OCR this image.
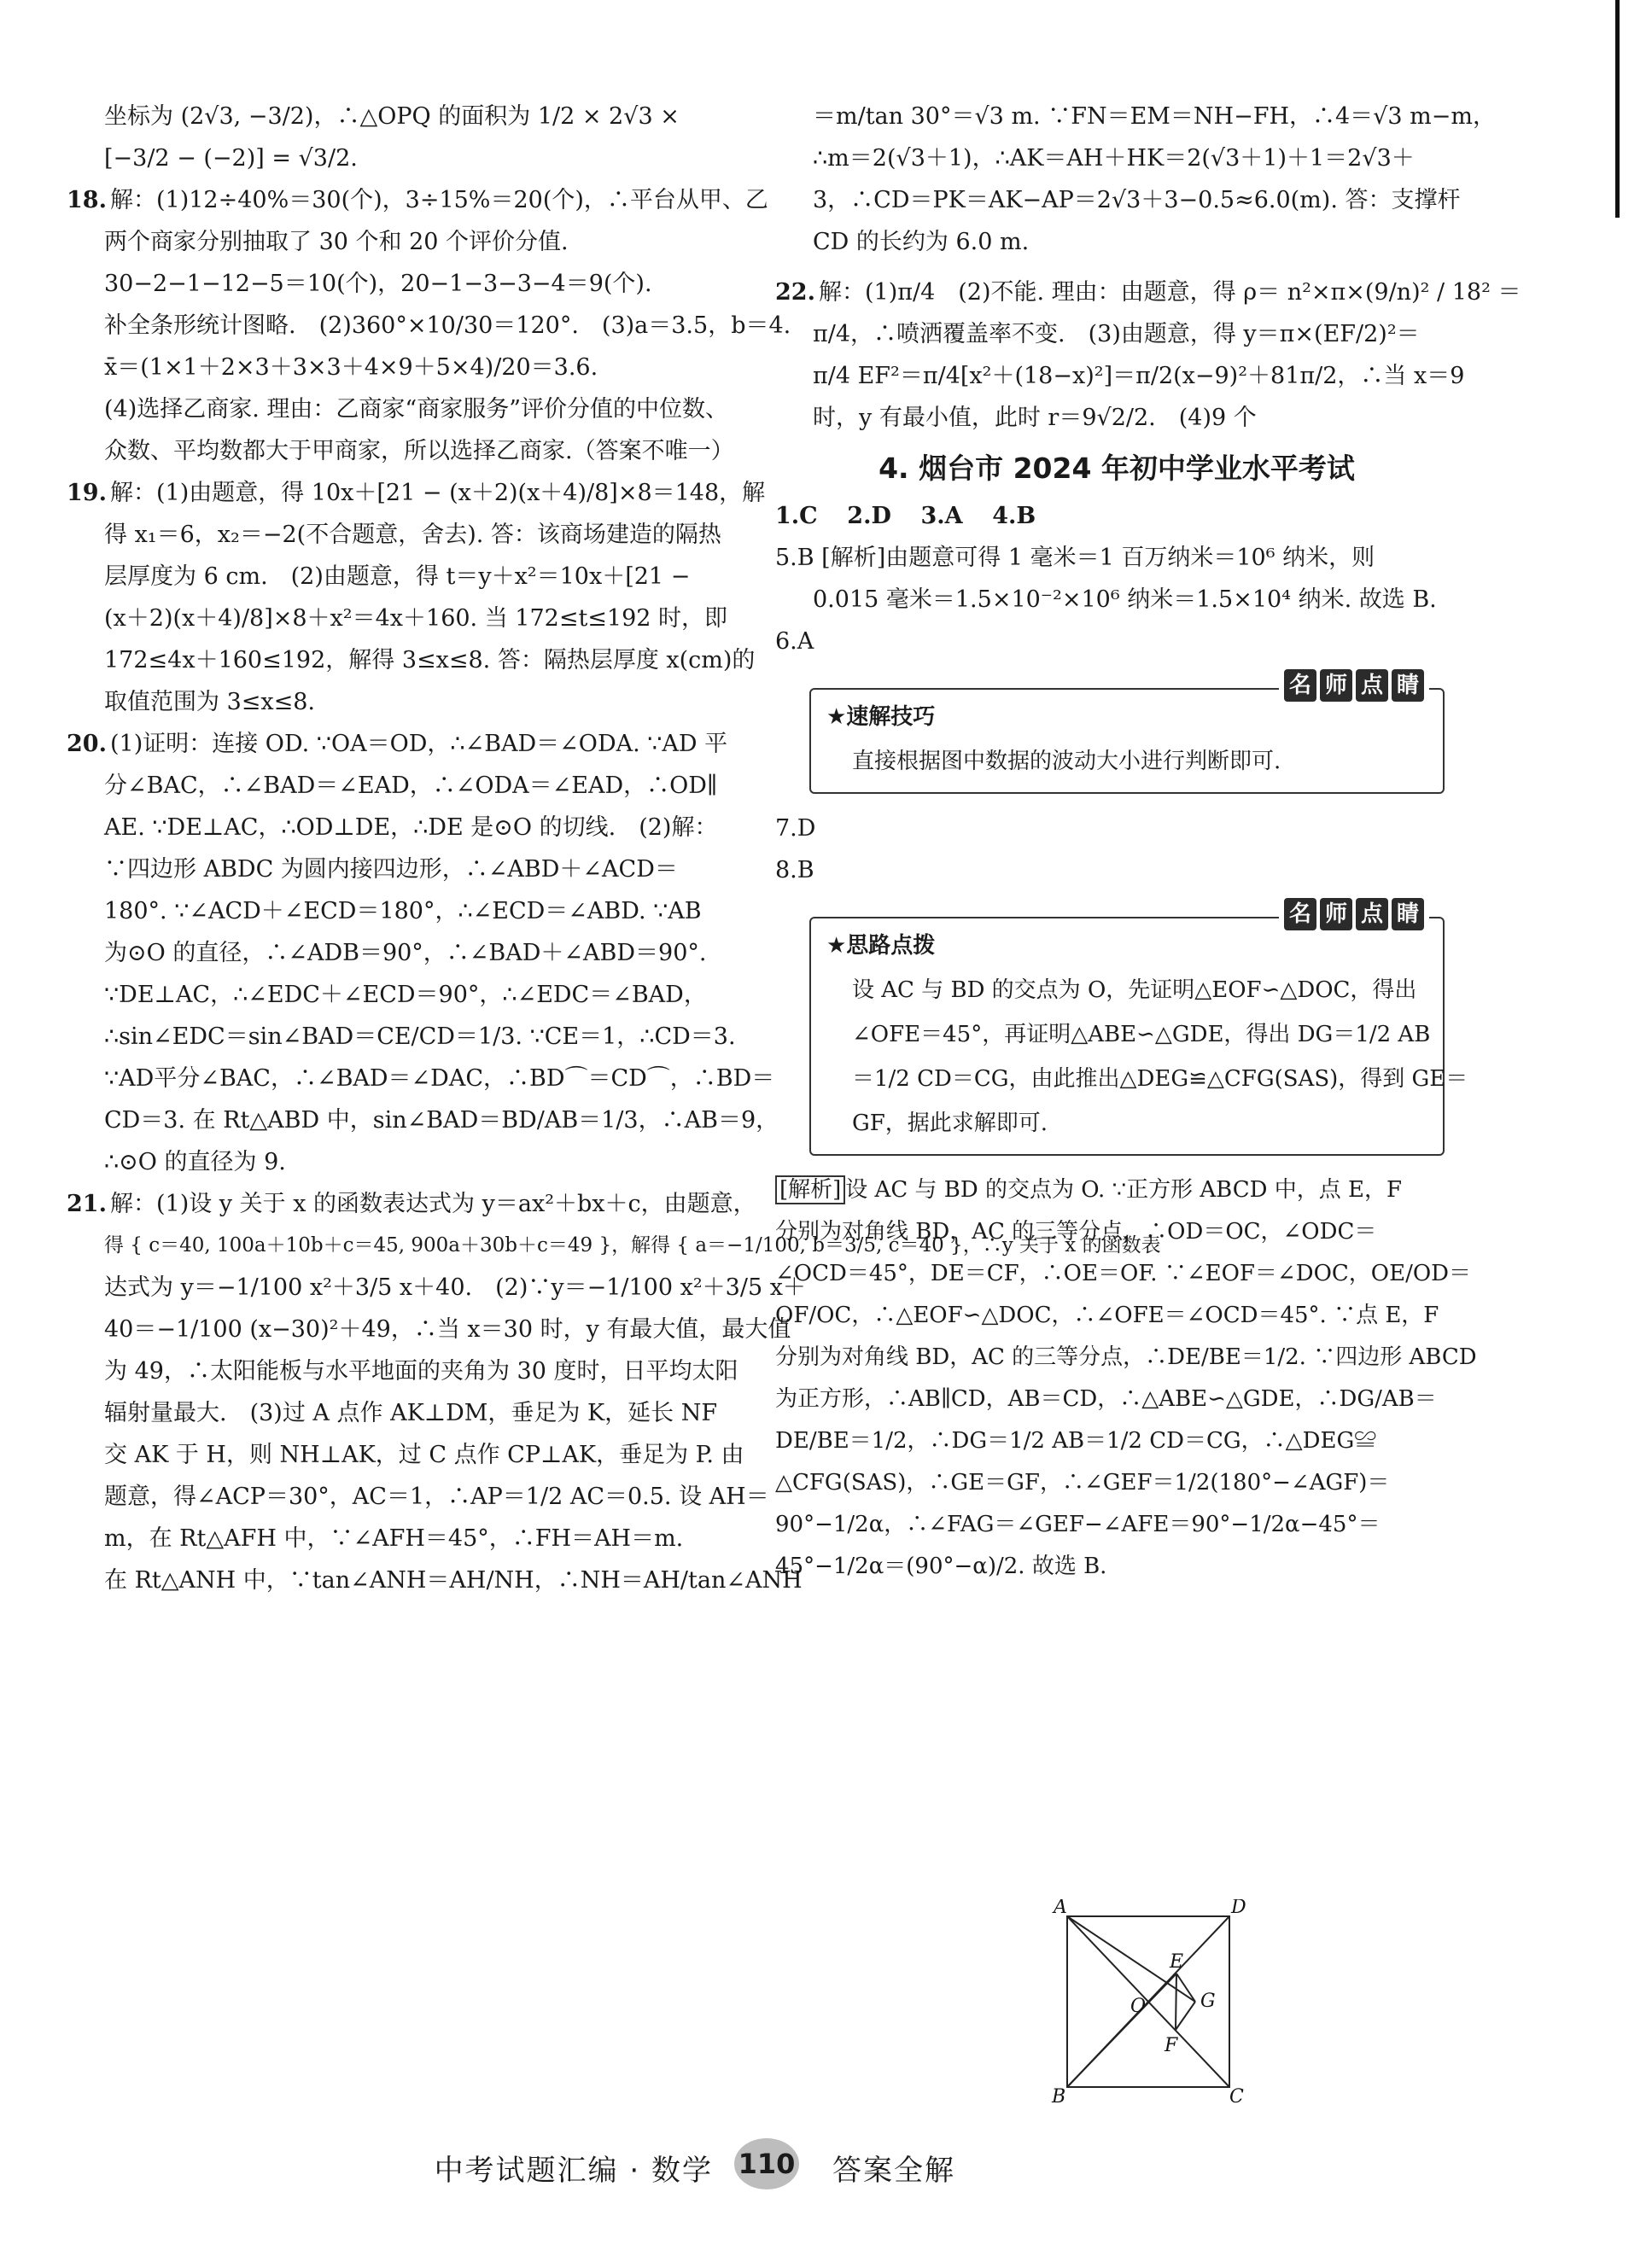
坐标为 (2√3, −3/2)，∴△OPQ 的面积为 1/2 × 2√3 ×
[−3/2 − (−2)] = √3/2.
18. 解：(1)12÷40%＝30(个)，3÷15%＝20(个)，∴平台从甲、乙
两个商家分别抽取了 30 个和 20 个评价分值.
30−2−1−12−5＝10(个)，20−1−3−3−4＝9(个).
补全条形统计图略.　(2)360°×10/30＝120°.　(3)a＝3.5，b＝4.
x̄＝(1×1＋2×3＋3×3＋4×9＋5×4)/20＝3.6.
(4)选择乙商家. 理由：乙商家“商家服务”评价分值的中位数、
众数、平均数都大于甲商家，所以选择乙商家.（答案不唯一）
19. 解：(1)由题意，得 10x＋[21 − (x＋2)(x＋4)/8]×8＝148，解
得 x₁＝6，x₂＝−2(不合题意，舍去). 答：该商场建造的隔热
层厚度为 6 cm.　(2)由题意，得 t＝y＋x²＝10x＋[21 −
(x＋2)(x＋4)/8]×8＋x²＝4x＋160. 当 172≤t≤192 时，即
172≤4x＋160≤192，解得 3≤x≤8. 答：隔热层厚度 x(cm)的
取值范围为 3≤x≤8.
20. (1)证明：连接 OD. ∵OA＝OD，∴∠BAD＝∠ODA. ∵AD 平
分∠BAC，∴∠BAD＝∠EAD，∴∠ODA＝∠EAD，∴OD∥
AE. ∵DE⊥AC，∴OD⊥DE，∴DE 是⊙O 的切线.　(2)解：
∵四边形 ABDC 为圆内接四边形，∴∠ABD＋∠ACD＝
180°. ∵∠ACD＋∠ECD＝180°，∴∠ECD＝∠ABD. ∵AB
为⊙O 的直径，∴∠ADB＝90°，∴∠BAD＋∠ABD＝90°.
∵DE⊥AC，∴∠EDC＋∠ECD＝90°，∴∠EDC＝∠BAD，
∴sin∠EDC＝sin∠BAD＝CE/CD＝1/3. ∵CE＝1，∴CD＝3.
∵AD平分∠BAC，∴∠BAD＝∠DAC，∴BD⌒＝CD⌒，∴BD＝
CD＝3. 在 Rt△ABD 中，sin∠BAD＝BD/AB＝1/3，∴AB＝9，
∴⊙O 的直径为 9.
21. 解：(1)设 y 关于 x 的函数表达式为 y＝ax²＋bx＋c，由题意，
得 { c＝40, 100a＋10b＋c＝45, 900a＋30b＋c＝49 }，解得 { a＝−1/100, b＝3/5, c＝40 }，∴y 关于 x 的函数表
达式为 y＝−1/100 x²＋3/5 x＋40.　(2)∵y＝−1/100 x²＋3/5 x＋
40＝−1/100 (x−30)²＋49，∴当 x＝30 时，y 有最大值，最大值
为 49，∴太阳能板与水平地面的夹角为 30 度时，日平均太阳
辐射量最大.　(3)过 A 点作 AK⊥DM，垂足为 K，延长 NF
交 AK 于 H，则 NH⊥AK，过 C 点作 CP⊥AK，垂足为 P. 由
题意，得∠ACP＝30°，AC＝1，∴AP＝1/2 AC＝0.5. 设 AH＝
m，在 Rt△AFH 中，∵∠AFH＝45°，∴FH＝AH＝m.
在 Rt△ANH 中，∵tan∠ANH＝AH/NH，∴NH＝AH/tan∠ANH
＝m/tan 30°＝√3 m. ∵FN＝EM＝NH−FH，∴4＝√3 m−m，
∴m＝2(√3＋1)，∴AK＝AH＋HK＝2(√3＋1)＋1＝2√3＋
3，∴CD＝PK＝AK−AP＝2√3＋3−0.5≈6.0(m). 答：支撑杆
CD 的长约为 6.0 m.
22. 解：(1)π/4　(2)不能. 理由：由题意，得 ρ＝ n²×π×(9/n)² / 18² ＝
π/4，∴喷洒覆盖率不变.　(3)由题意，得 y＝π×(EF/2)²＝
π/4 EF²＝π/4[x²＋(18−x)²]＝π/2(x−9)²＋81π/2，∴当 x＝9
时，y 有最小值，此时 r＝9√2/2.　(4)9 个
4. 烟台市 2024 年初中学业水平考试
1.C 2.D 3.A 4.B
5.B [解析]由题意可得 1 毫米＝1 百万纳米＝10⁶ 纳米，则
0.015 毫米＝1.5×10⁻²×10⁶ 纳米＝1.5×10⁴ 纳米. 故选 B.
6.A
名 师 点 睛
★速解技巧
直接根据图中数据的波动大小进行判断即可.
7.D
8.B
名 师 点 睛
★思路点拨
设 AC 与 BD 的交点为 O，先证明△EOF∽△DOC，得出
∠OFE＝45°，再证明△ABE∽△GDE，得出 DG＝1/2 AB
＝1/2 CD＝CG，由此推出△DEG≌△CFG(SAS)，得到 GE＝
GF，据此求解即可.
[解析] 设 AC 与 BD 的交点为 O. ∵正方形 ABCD 中，点 E，F
分别为对角线 BD，AC 的三等分点，∴OD＝OC，∠ODC＝
∠OCD＝45°，DE＝CF，∴OE＝OF. ∵∠EOF＝∠DOC，OE/OD＝
OF/OC，∴△EOF∽△DOC，∴∠OFE＝∠OCD＝45°. ∵点 E，F
分别为对角线 BD，AC 的三等分点，∴DE/BE＝1/2. ∵四边形 ABCD
为正方形，∴AB∥CD，AB＝CD，∴△ABE∽△GDE，∴DG/AB＝
DE/BE＝1/2，∴DG＝1/2 AB＝1/2 CD＝CG，∴△DEG≌
△CFG(SAS)，∴GE＝GF，∴∠GEF＝1/2(180°−∠AGF)＝
90°−1/2α，∴∠FAG＝∠GEF−∠AFE＝90°−1/2α−45°＝
45°−1/2α＝(90°−α)/2. 故选 B.
A	D
B	C
E
O
F
G
中考试题汇编 · 数学 110 答案全解
